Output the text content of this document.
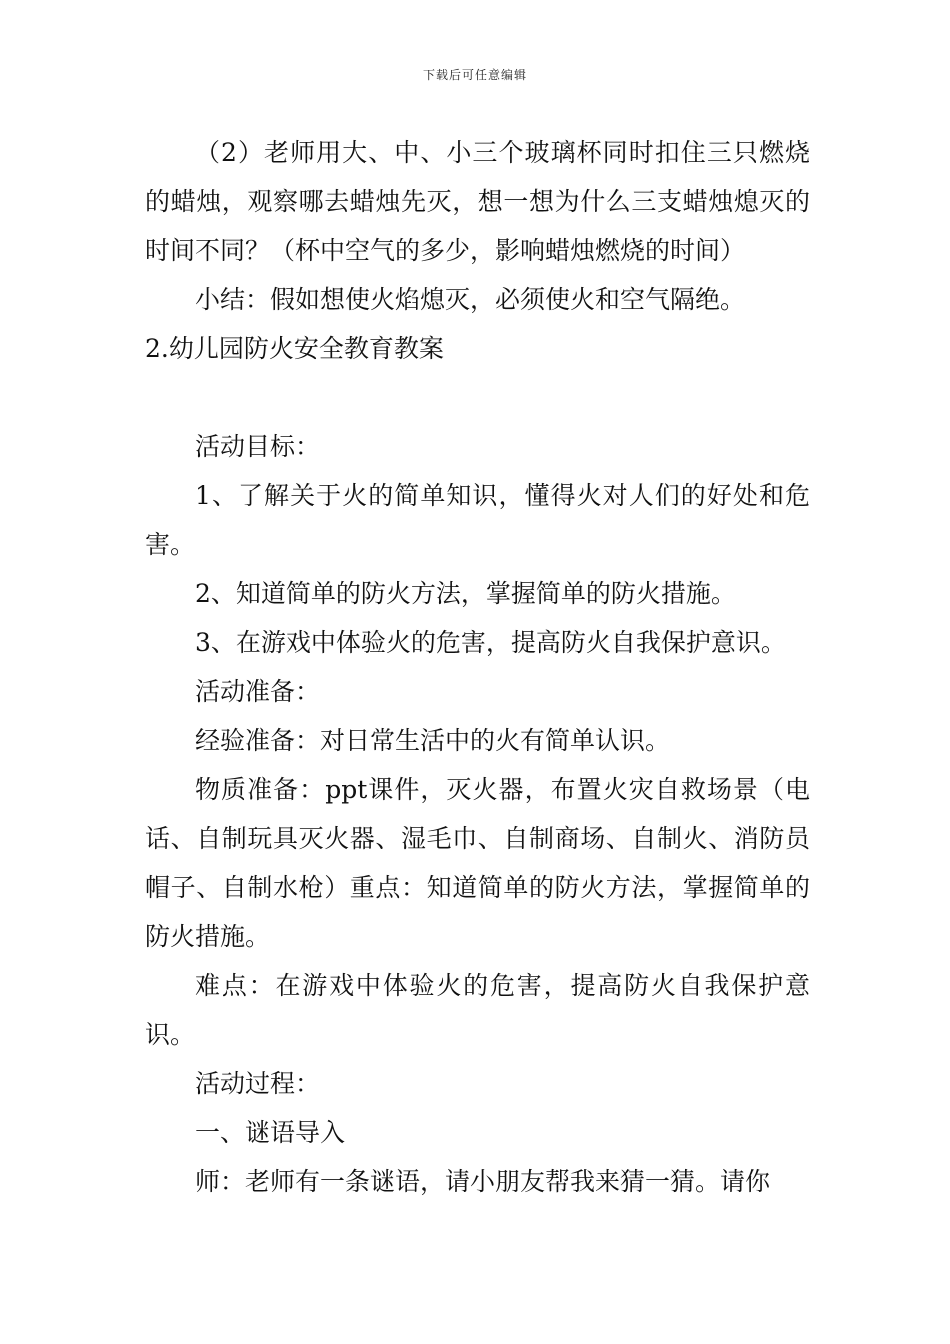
下载后可任意编辑

（2）老师用大、中、小三个玻璃杯同时扣住三只燃烧的蜡烛，观察哪去蜡烛先灭，想一想为什么三支蜡烛熄灭的时间不同？（杯中空气的多少，影响蜡烛燃烧的时间）

小结：假如想使火焰熄灭，必须使火和空气隔绝。

2.幼儿园防火安全教育教案

活动目标：

1、了解关于火的简单知识，懂得火对人们的好处和危害。

2、知道简单的防火方法，掌握简单的防火措施。

3、在游戏中体验火的危害，提高防火自我保护意识。

活动准备：

经验准备：对日常生活中的火有简单认识。

物质准备：ppt课件，灭火器，布置火灾自救场景（电话、自制玩具灭火器、湿毛巾、自制商场、自制火、消防员帽子、自制水枪）重点：知道简单的防火方法，掌握简单的防火措施。

难点：在游戏中体验火的危害，提高防火自我保护意识。

活动过程：

一、谜语导入

师：老师有一条谜语，请小朋友帮我来猜一猜。请你
